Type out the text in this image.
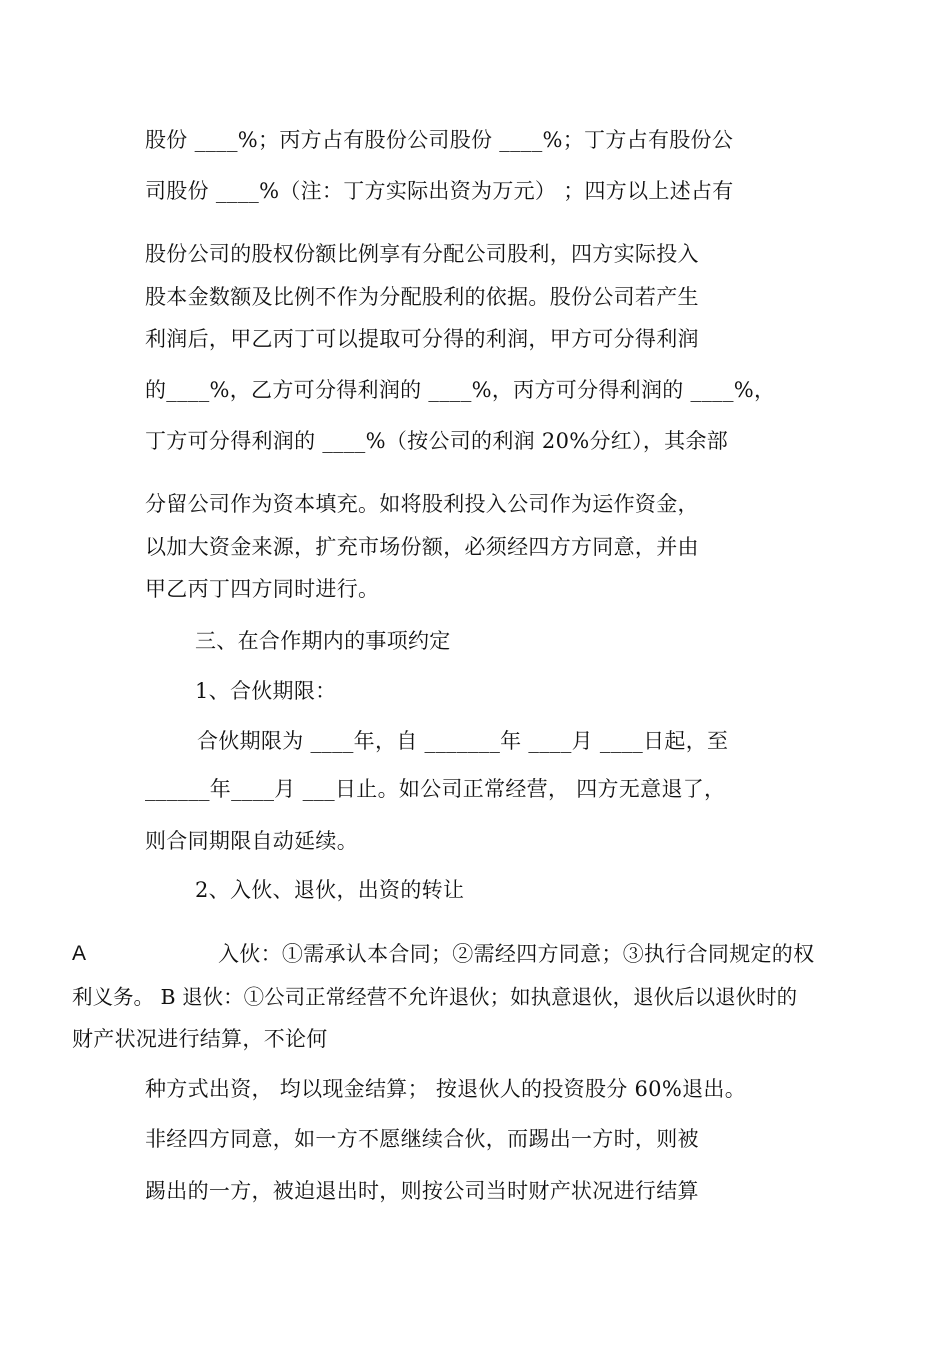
股份 ____%；丙方占有股份公司股份 ____%；丁方占有股份公
司股份 ____%（注：丁方实际出资为万元） ；四方以上述占有
股份公司的股权份额比例享有分配公司股利，四方实际投入
股本金数额及比例不作为分配股利的依据。股份公司若产生
利润后，甲乙丙丁可以提取可分得的利润，甲方可分得利润
的____%，乙方可分得利润的 ____%，丙方可分得利润的 ____%，
丁方可分得利润的 ____%（按公司的利润 20%分红），其余部
分留公司作为资本填充。如将股利投入公司作为运作资金，
以加大资金来源，扩充市场份额，必须经四方方同意，并由
甲乙丙丁四方同时进行。
三、在合作期内的事项约定
1、合伙期限：
合伙期限为 ____年，自 _______年 ____月 ____日起，至
______年____月 ___日止。如公司正常经营， 四方无意退了，
则合同期限自动延续。
2、入伙、退伙，出资的转让
A	入伙：①需承认本合同；②需经四方同意；③执行合同规定的权
利义务。 B 退伙：①公司正常经营不允许退伙；如执意退伙，退伙后以退伙时的
财产状况进行结算，不论何
种方式出资， 均以现金结算； 按退伙人的投资股分 60%退出。
非经四方同意，如一方不愿继续合伙，而踢出一方时，则被
踢出的一方，被迫退出时，则按公司当时财产状况进行结算
